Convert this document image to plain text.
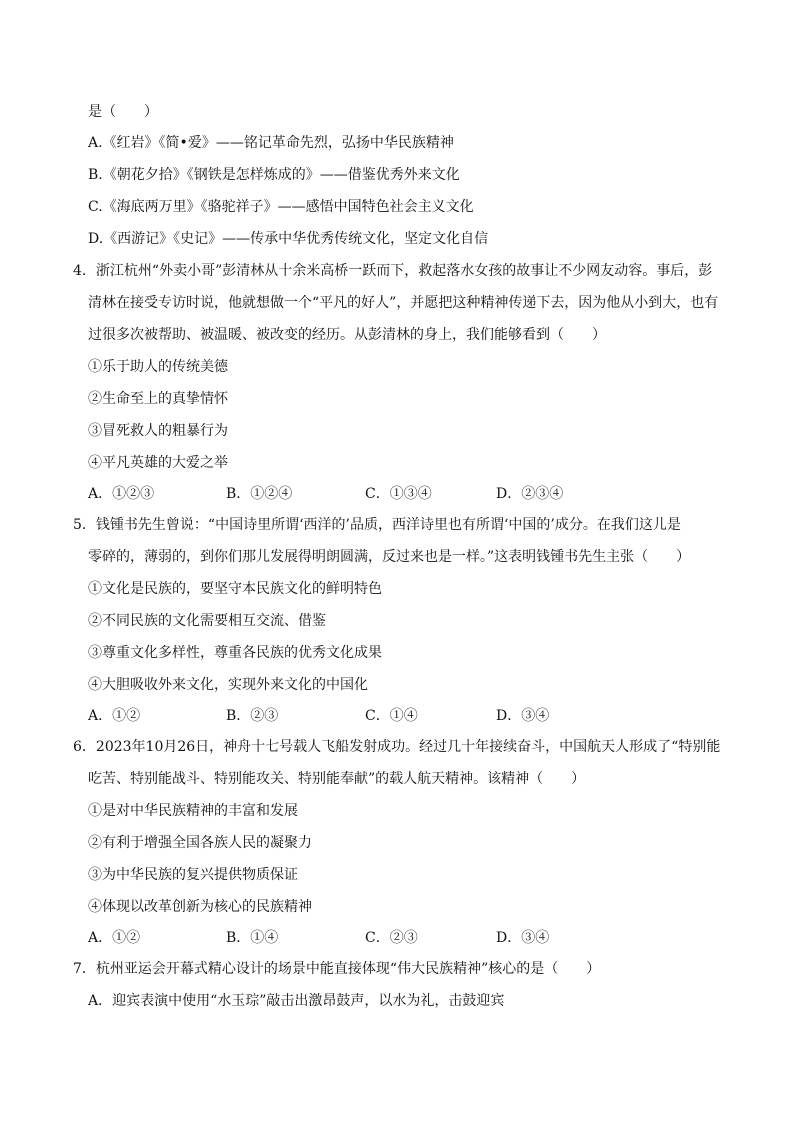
是（　　）
A.《红岩》《简•爱》——铭记革命先烈，弘扬中华民族精神
B.《朝花夕拾》《钢铁是怎样炼成的》——借鉴优秀外来文化
C.《海底两万里》《骆驼祥子》——感悟中国特色社会主义文化
D.《西游记》《史记》——传承中华优秀传统文化，坚定文化自信
4．浙江杭州“外卖小哥”彭清林从十余米高桥一跃而下，救起落水女孩的故事让不少网友动容。事后，彭
清林在接受专访时说，他就想做一个“平凡的好人”，并愿把这种精神传递下去，因为他从小到大，也有
过很多次被帮助、被温暖、被改变的经历。从彭清林的身上，我们能够看到（　　）
①乐于助人的传统美德
②生命至上的真挚情怀
③冒死救人的粗暴行为
④平凡英雄的大爱之举
A．①②③	B．①②④	C．①③④	D．②③④
5．钱锺书先生曾说：“中国诗里所谓‘西洋的’品质，西洋诗里也有所谓‘中国的’成分。在我们这儿是
零碎的，薄弱的，到你们那儿发展得明朗圆满，反过来也是一样。”这表明钱锺书先生主张（　　）
①文化是民族的，要坚守本民族文化的鲜明特色
②不同民族的文化需要相互交流、借鉴
③尊重文化多样性，尊重各民族的优秀文化成果
④大胆吸收外来文化，实现外来文化的中国化
A．①②	B．②③	C．①④	D．③④
6．2023年10月26日，神舟十七号载人飞船发射成功。经过几十年接续奋斗，中国航天人形成了“特别能
吃苦、特别能战斗、特别能攻关、特别能奉献”的载人航天精神。该精神（　　）
①是对中华民族精神的丰富和发展
②有利于增强全国各族人民的凝聚力
③为中华民族的复兴提供物质保证
④体现以改革创新为核心的民族精神
A．①②	B．①④	C．②③	D．③④
7．杭州亚运会开幕式精心设计的场景中能直接体现“伟大民族精神”核心的是（　　）
A．迎宾表演中使用“水玉琮”敲击出激昂鼓声，以水为礼，击鼓迎宾
